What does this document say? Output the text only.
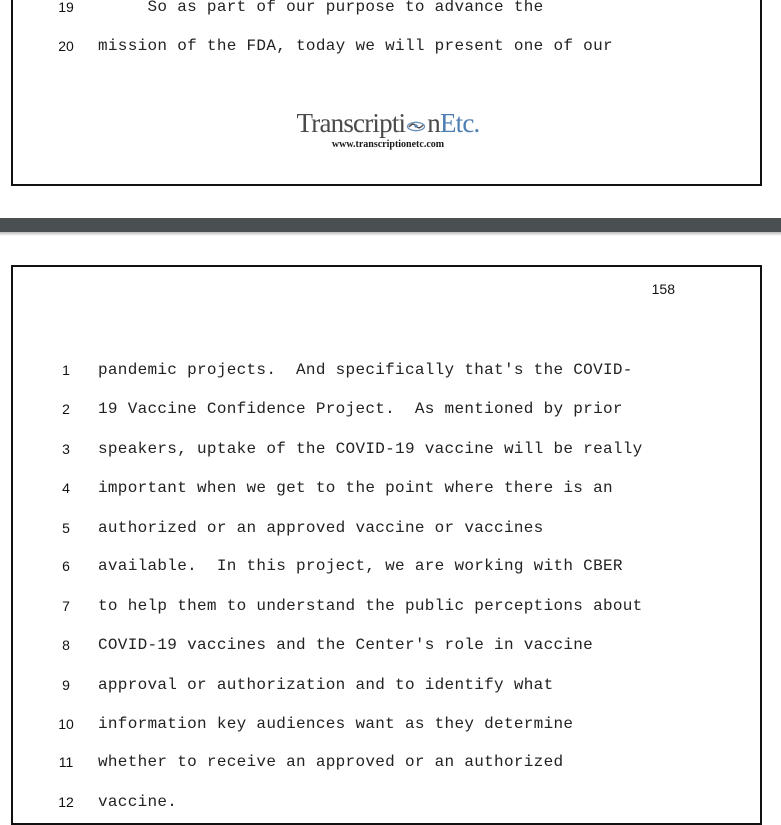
19	So as part of our purpose to advance the
20	mission of the FDA, today we will present one of our
Transcripti nEtc.
www.transcriptionetc.com
158
1	pandemic projects.  And specifically that's the COVID-
2	19 Vaccine Confidence Project.  As mentioned by prior
3	speakers, uptake of the COVID-19 vaccine will be really
4	important when we get to the point where there is an
5	authorized or an approved vaccine or vaccines
6	available.  In this project, we are working with CBER
7	to help them to understand the public perceptions about
8	COVID-19 vaccines and the Center's role in vaccine
9	approval or authorization and to identify what
10	information key audiences want as they determine
11	whether to receive an approved or an authorized
12	vaccine.
